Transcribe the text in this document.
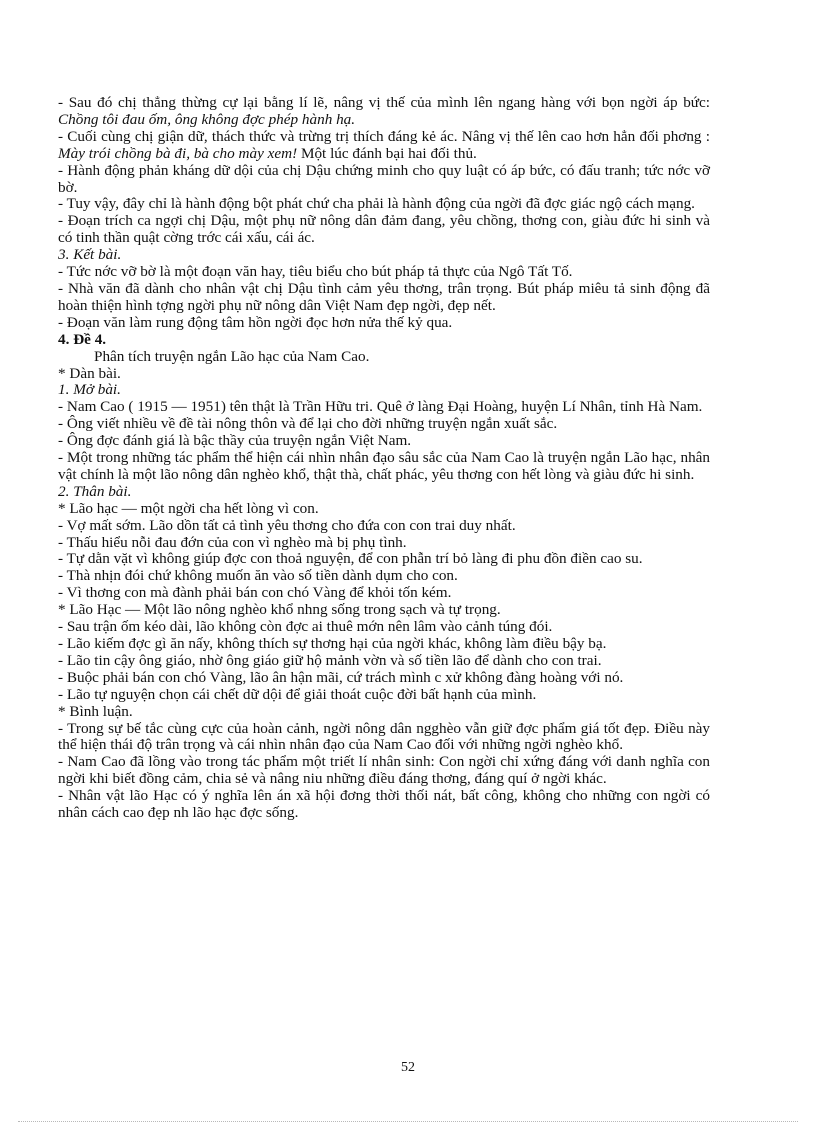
- Sau đó chị thẳng thừng cự lại bằng lí lẽ, nâng vị thế của mình lên ngang hàng với bọn ngời áp bức: Chồng tôi đau ốm, ông không đợc phép hành hạ.

- Cuối cùng chị giận dữ, thách thức và trừng trị thích đáng kẻ ác. Nâng vị thế lên cao hơn hẳn đối phơng : Mày trói chồng bà đi, bà cho mày xem! Một lúc đánh bại hai đối thủ.

- Hành động phản kháng dữ dội của chị Dậu chứng minh cho quy luật có áp bức, có đấu tranh; tức nớc vỡ bờ.

- Tuy vậy, đây chỉ là hành động bột phát chứ cha phải là hành động của ngời đã đợc giác ngộ cách mạng.

- Đoạn trích ca ngợi chị Dậu, một phụ nữ nông dân đảm đang, yêu chồng, thơng con, giàu đức hi sinh và có tinh thần quật cờng trớc cái xấu, cái ác.

3. Kết bài.

- Tức nớc vỡ bờ là một đoạn văn hay, tiêu biểu cho bút pháp tả thực của Ngô Tất Tố.

- Nhà văn đã dành cho nhân vật chị Dậu tình cảm yêu thơng, trân trọng. Bút pháp miêu tả sinh động đã hoàn thiện hình tợng ngời phụ nữ nông dân Việt Nam đẹp ngời, đẹp nết.

- Đoạn văn làm rung động tâm hồn ngời đọc hơn nửa thế kỷ qua.

4. Đề 4.

Phân tích truyện ngắn Lão hạc của Nam Cao.

* Dàn bài.

1. Mở bài.

- Nam Cao ( 1915 — 1951) tên thật là Trần Hữu tri. Quê ở làng Đại Hoàng, huyện Lí Nhân, tỉnh Hà Nam.

- Ông viết nhiều về đề tài nông thôn và để lại cho đời những truyện ngắn xuất sắc.

- Ông đợc đánh giá là bậc thầy của truyện ngắn Việt Nam.

- Một trong những tác phẩm thể hiện cái nhìn nhân đạo sâu sắc của Nam Cao là truyện ngắn Lão hạc, nhân vật chính là một lão nông dân nghèo khổ, thật thà, chất phác, yêu thơng con hết lòng và giàu đức hi sinh.

2. Thân bài.

* Lão hạc — một ngời cha hết lòng vì con.

- Vợ mất sớm. Lão dồn tất cả tình yêu thơng cho đứa con con trai duy nhất.

- Thấu hiểu nỗi đau đớn của con vì nghèo mà bị phụ tình.

- Tự dằn vặt vì không giúp đợc con thoả nguyện, để con phẫn trí bỏ làng đi phu đồn điền cao su.

- Thà nhịn đói chứ không muốn ăn vào số tiền dành dụm cho con.

- Vì thơng con mà đành phải bán con chó Vàng để khỏi tốn kém.

* Lão Hạc — Một lão nông nghèo khổ nhng sống trong sạch và tự trọng.

- Sau trận ốm kéo dài, lão không còn đợc ai thuê mớn nên lâm vào cảnh túng đói.

- Lão kiếm đợc gì ăn nấy, không thích sự thơng hại của ngời khác, không làm điều bậy bạ.

- Lão tin cậy ông giáo, nhờ ông giáo giữ hộ mảnh vờn và số tiền lão để dành cho con trai.

- Buộc phải bán con chó Vàng, lão ân hận mãi, cứ trách mình c xử không đàng hoàng với nó.

- Lão tự nguyện chọn cái chết dữ dội để giải thoát cuộc đời bất hạnh của mình.

* Bình luận.

- Trong sự bế tắc cùng cực của hoàn cảnh, ngời nông dân ngghèo vẫn giữ đợc phẩm giá tốt đẹp. Điều này thể hiện thái độ trân trọng và cái nhìn nhân đạo của Nam Cao đối với những ngời nghèo khổ.

- Nam Cao đã lồng vào trong tác phẩm một triết lí nhân sinh: Con ngời chỉ xứng đáng với danh nghĩa con ngời khi biết đồng cảm, chia sẻ và nâng niu những điều đáng thơng, đáng quí ở ngời khác.

- Nhân vật lão Hạc có ý nghĩa lên án xã hội đơng thời thối nát, bất công, không cho những con ngời có nhân cách cao đẹp nh lão hạc đợc sống.

52
